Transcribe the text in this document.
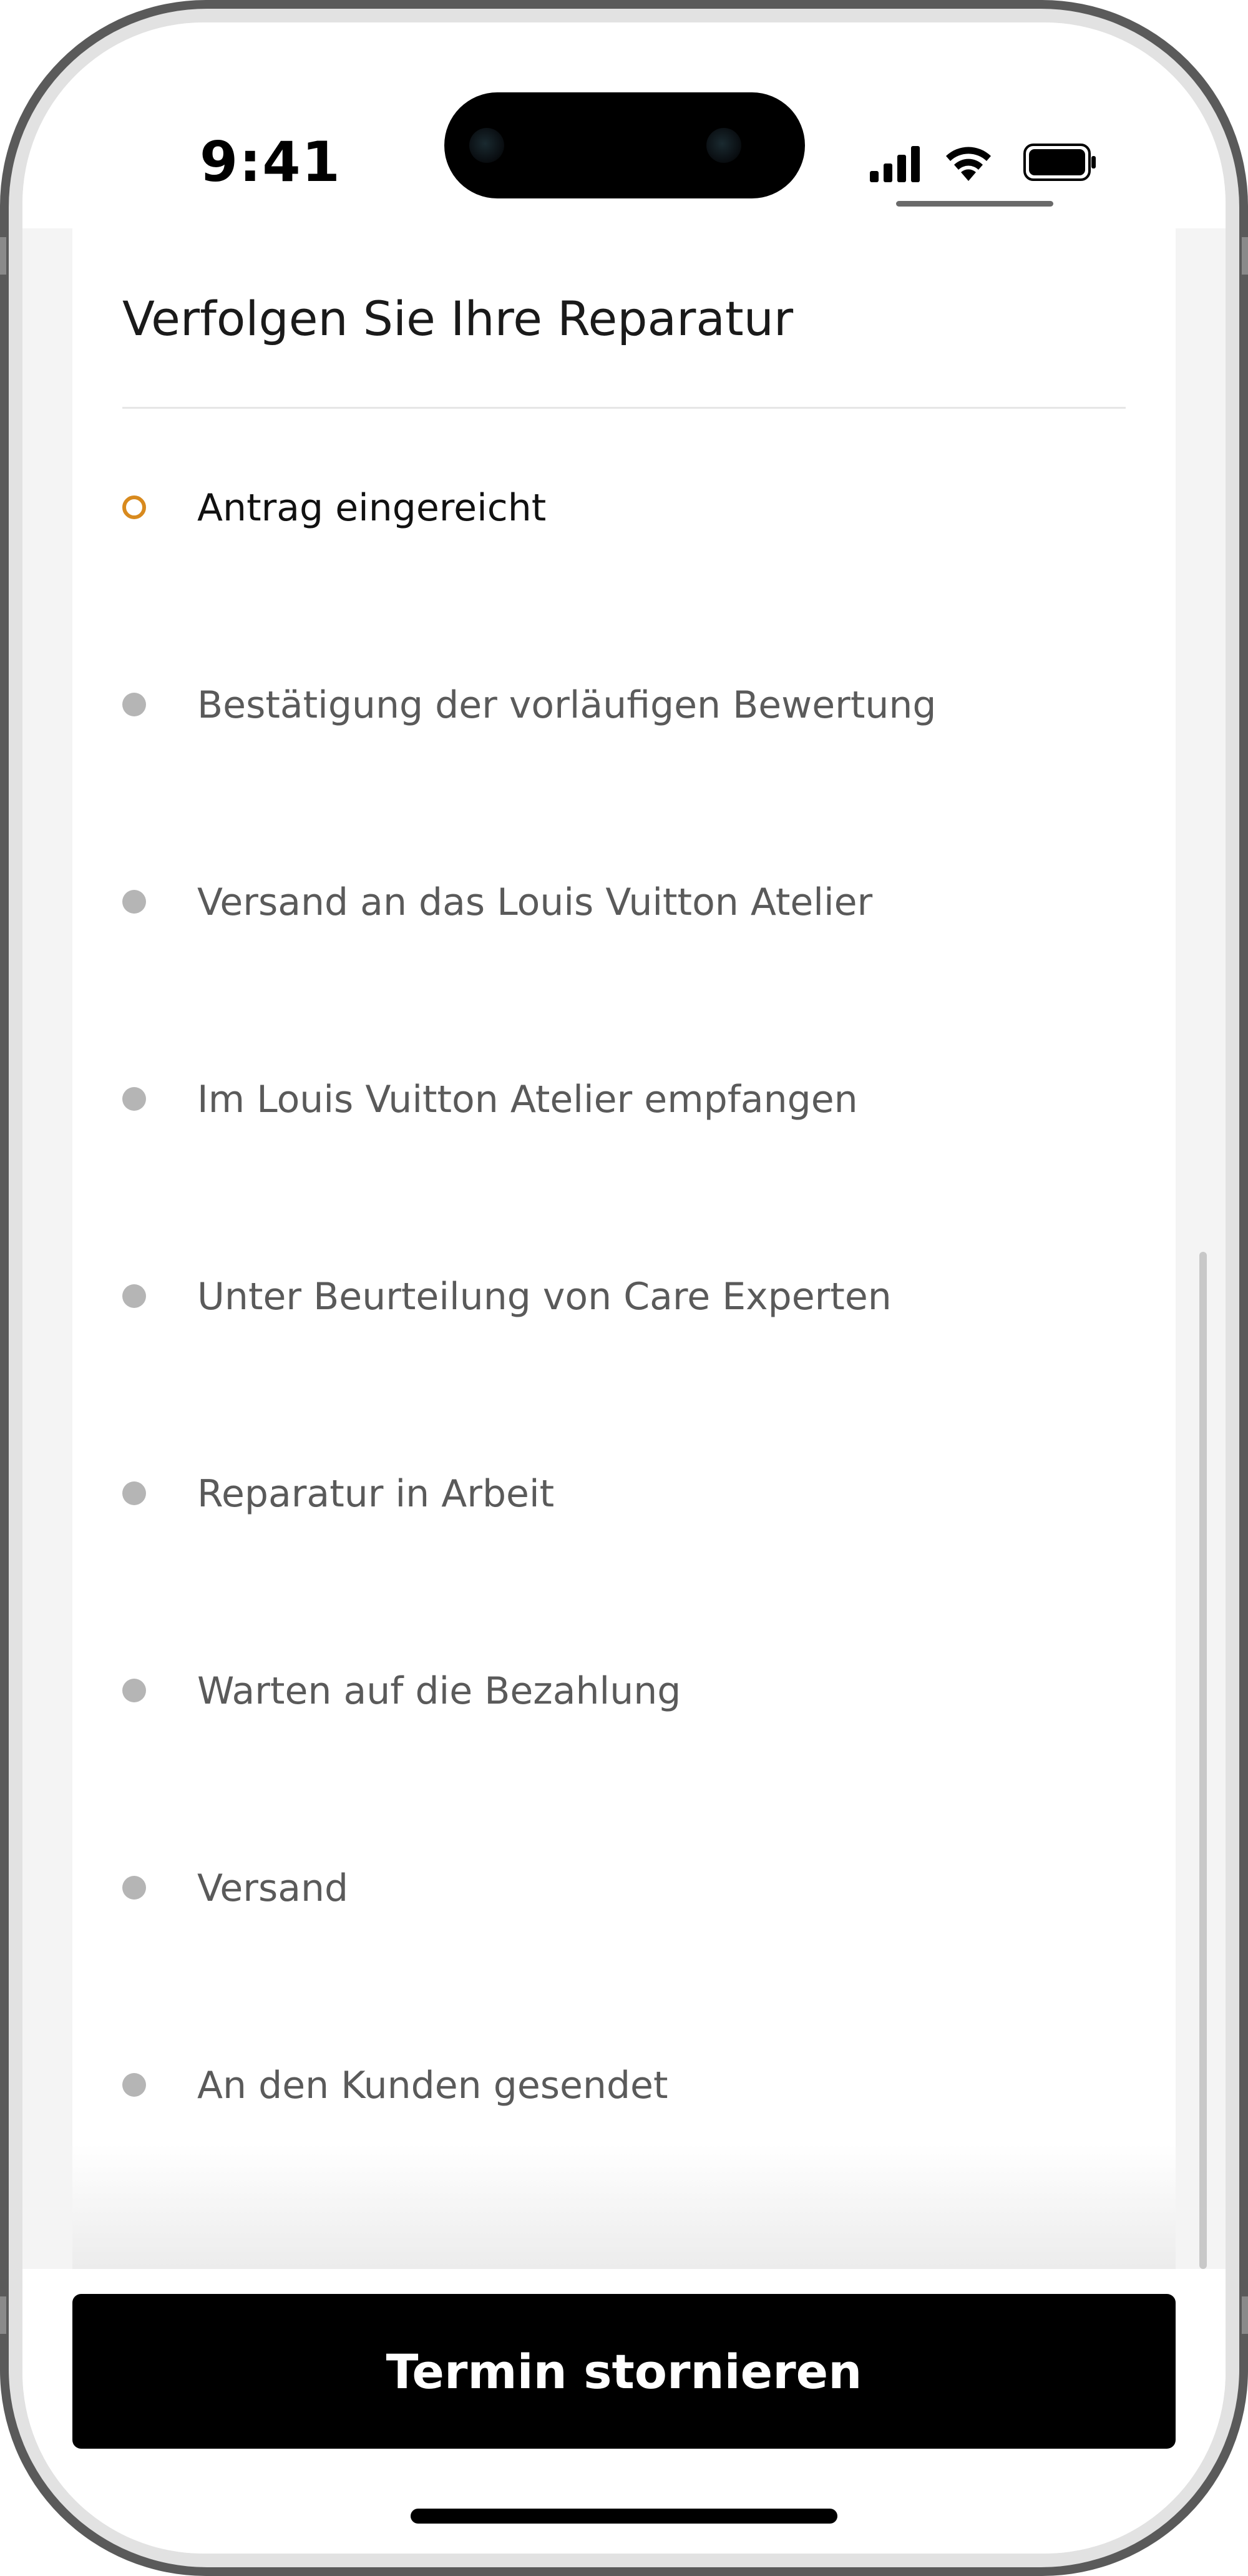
9:41
Verfolgen Sie Ihre Reparatur
Antrag eingereicht
Bestätigung der vorläufigen Bewertung
Versand an das Louis Vuitton Atelier
Im Louis Vuitton Atelier empfangen
Unter Beurteilung von Care Experten
Reparatur in Arbeit
Warten auf die Bezahlung
Versand
An den Kunden gesendet
Termin stornieren
